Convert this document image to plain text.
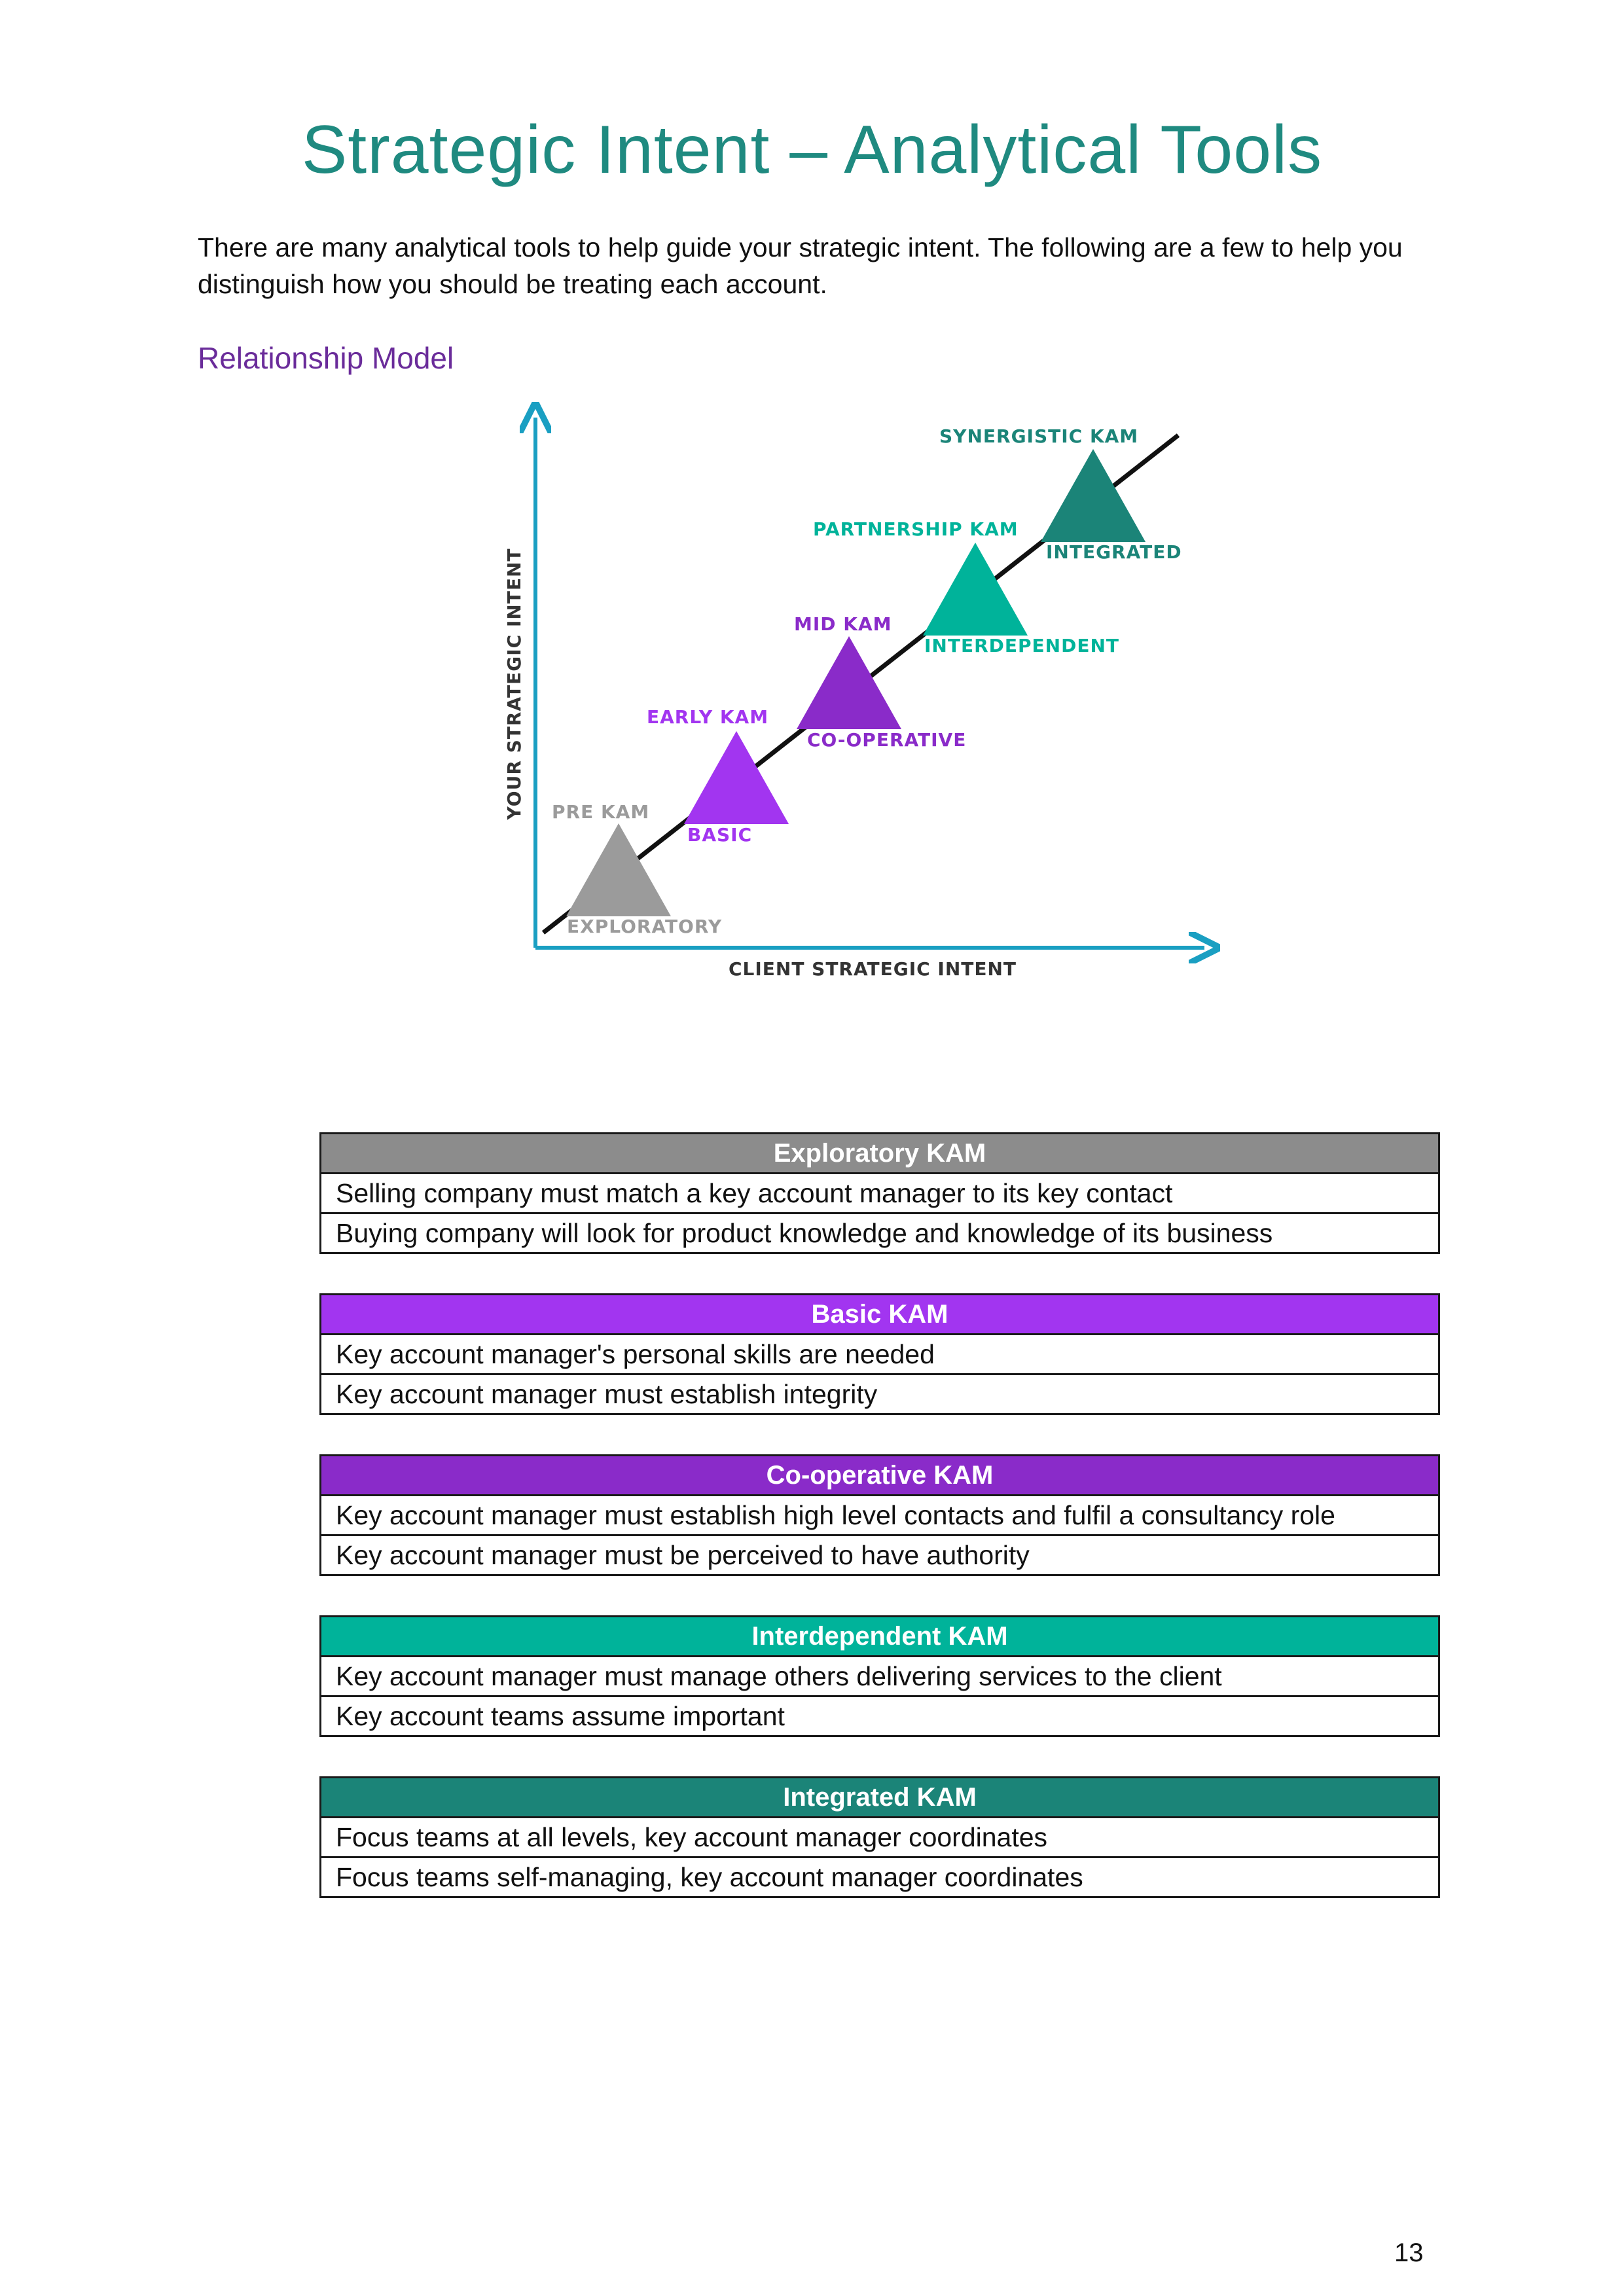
Strategic Intent – Analytical Tools

There are many analytical tools to help guide your strategic intent. The following are a few to help you distinguish how you should be treating each account.

Relationship Model
YOUR STRATEGIC INTENT
CLIENT STRATEGIC INTENT
PRE KAM
EXPLORATORY
EARLY KAM
BASIC
MID KAM
CO-OPERATIVE
PARTNERSHIP KAM
INTERDEPENDENT
SYNERGISTIC KAM
INTEGRATED
Exploratory KAM
Selling company must match a key account manager to its key contact
Buying company will look for product knowledge and knowledge of its business
Basic KAM
Key account manager's personal skills are needed
Key account manager must establish integrity
Co-operative KAM
Key account manager must establish high level contacts and fulfil a consultancy role
Key account manager must be perceived to have authority
Interdependent KAM
Key account manager must manage others delivering services to the client
Key account teams assume important
Integrated KAM
Focus teams at all levels, key account manager coordinates
Focus teams self-managing, key account manager coordinates
13
